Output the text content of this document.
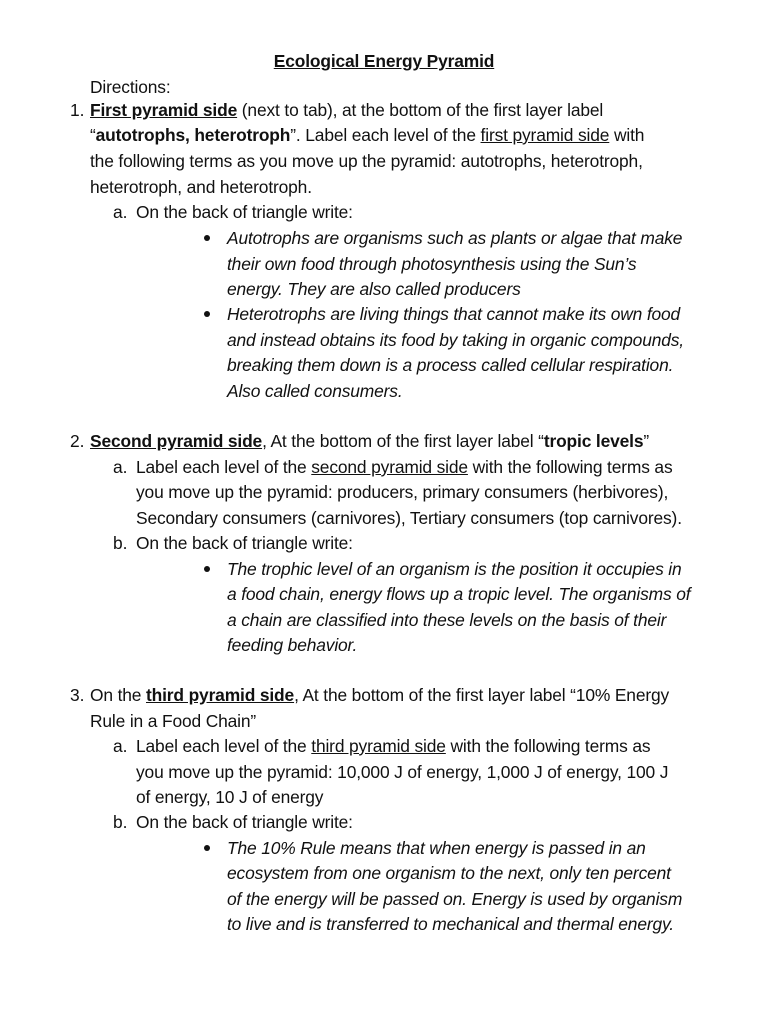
Ecological Energy Pyramid
Directions:
1. First pyramid side (next to tab), at the bottom of the first layer label
“autotrophs, heterotroph”. Label each level of the first pyramid side with
the following terms as you move up the pyramid: autotrophs, heterotroph,
heterotroph, and heterotroph.
a. On the back of triangle write:
Autotrophs are organisms such as plants or algae that make
their own food through photosynthesis using the Sun’s
energy. They are also called producers
Heterotrophs are living things that cannot make its own food
and instead obtains its food by taking in organic compounds,
breaking them down is a process called cellular respiration.
Also called consumers.
2. Second pyramid side, At the bottom of the first layer label “tropic levels”
a. Label each level of the second pyramid side with the following terms as
you move up the pyramid: producers, primary consumers (herbivores),
Secondary consumers (carnivores), Tertiary consumers (top carnivores).
b. On the back of triangle write:
The trophic level of an organism is the position it occupies in
a food chain, energy flows up a tropic level. The organisms of
a chain are classified into these levels on the basis of their
feeding behavior.
3. On the third pyramid side, At the bottom of the first layer label “10% Energy
Rule in a Food Chain”
a. Label each level of the third pyramid side with the following terms as
you move up the pyramid: 10,000 J of energy, 1,000 J of energy, 100 J
of energy, 10 J of energy
b. On the back of triangle write:
The 10% Rule means that when energy is passed in an
ecosystem from one organism to the next, only ten percent
of the energy will be passed on. Energy is used by organism
to live and is transferred to mechanical and thermal energy.
